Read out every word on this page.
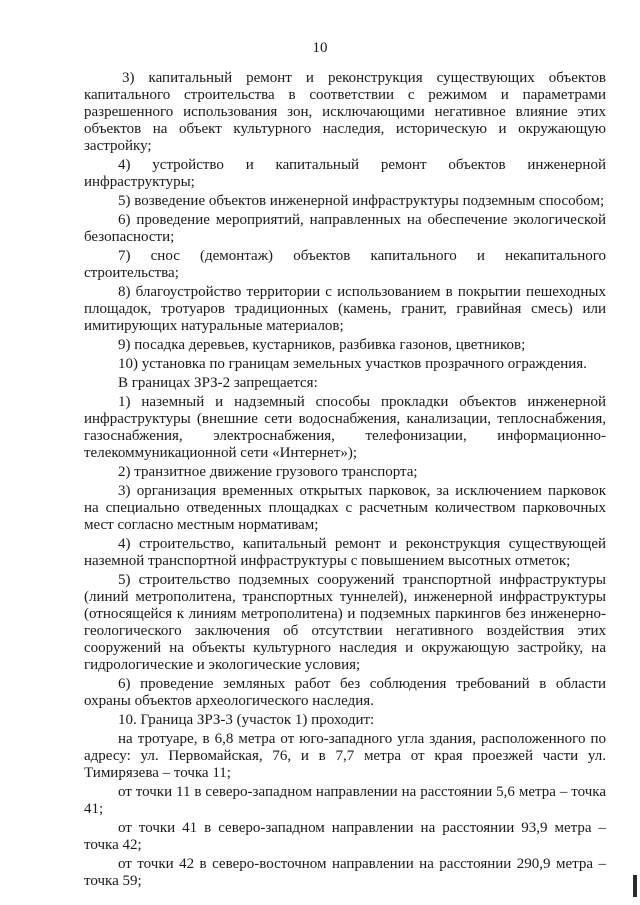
10

3) капитальный ремонт и реконструкция существующих объектов капитального строительства в соответствии с режимом и параметрами разрешенного использования зон, исключающими негативное влияние этих объектов на объект культурного наследия, историческую и окружающую застройку;

4) устройство и капитальный ремонт объектов инженерной инфраструктуры;

5) возведение объектов инженерной инфраструктуры подземным способом;

6) проведение мероприятий, направленных на обеспечение экологической безопасности;

7) снос (демонтаж) объектов капитального и некапитального строительства;

8) благоустройство территории с использованием в покрытии пешеходных площадок, тротуаров традиционных (камень, гранит, гравийная смесь) или имитирующих натуральные материалов;

9) посадка деревьев, кустарников, разбивка газонов, цветников;

10) установка по границам земельных участков прозрачного ограждения.

В границах ЗРЗ-2 запрещается:

1) наземный и надземный способы прокладки объектов инженерной инфраструктуры (внешние сети водоснабжения, канализации, теплоснабжения, газоснабжения, электроснабжения, телефонизации, информационно-телекоммуникационной сети «Интернет»);

2) транзитное движение грузового транспорта;

3) организация временных открытых парковок, за исключением парковок на специально отведенных площадках с расчетным количеством парковочных мест согласно местным нормативам;

4) строительство, капитальный ремонт и реконструкция существующей наземной транспортной инфраструктуры с повышением высотных отметок;

5) строительство подземных сооружений транспортной инфраструктуры (линий метрополитена, транспортных туннелей), инженерной инфраструктуры (относящейся к линиям метрополитена) и подземных паркингов без инженерно-геологического заключения об отсутствии негативного воздействия этих сооружений на объекты культурного наследия и окружающую застройку, на гидрологические и экологические условия;

6) проведение земляных работ без соблюдения требований в области охраны объектов археологического наследия.

10. Граница ЗРЗ-3 (участок 1) проходит:

на тротуаре, в 6,8 метра от юго-западного угла здания, расположенного по адресу: ул. Первомайская, 76, и в 7,7 метра от края проезжей части ул. Тимирязева – точка 11;

от точки 11 в северо-западном направлении на расстоянии 5,6 метра – точка 41;

от точки 41 в северо-западном направлении на расстоянии 93,9 метра – точка 42;

от точки 42 в северо-восточном направлении на расстоянии 290,9 метра – точка 59;
